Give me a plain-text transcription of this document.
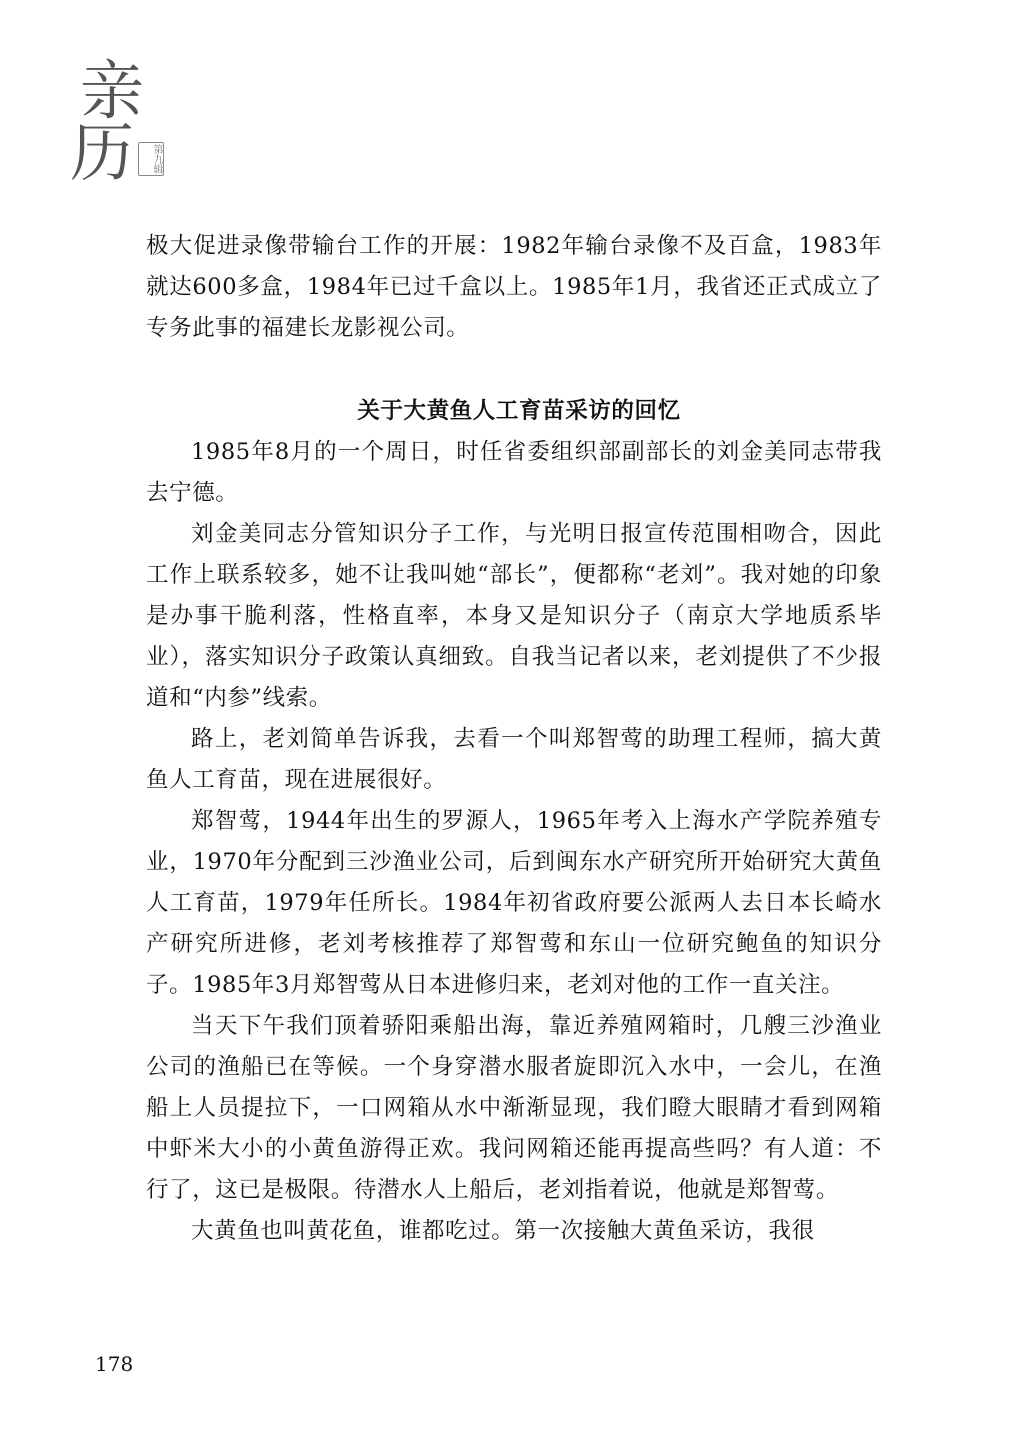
亲
历	第九辑

极大促进录像带输台工作的开展：1982年输台录像不及百盒，1983年就达600多盒，1984年已过千盒以上。1985年1月，我省还正式成立了专务此事的福建长龙影视公司。

关于大黄鱼人工育苗采访的回忆

1985年8月的一个周日，时任省委组织部副部长的刘金美同志带我去宁德。

刘金美同志分管知识分子工作，与光明日报宣传范围相吻合，因此工作上联系较多，她不让我叫她“部长”，便都称“老刘”。我对她的印象是办事干脆利落，性格直率，本身又是知识分子（南京大学地质系毕业），落实知识分子政策认真细致。自我当记者以来，老刘提供了不少报道和“内参”线索。

路上，老刘简单告诉我，去看一个叫郑智莺的助理工程师，搞大黄鱼人工育苗，现在进展很好。

郑智莺，1944年出生的罗源人，1965年考入上海水产学院养殖专业，1970年分配到三沙渔业公司，后到闽东水产研究所开始研究大黄鱼人工育苗，1979年任所长。1984年初省政府要公派两人去日本长崎水产研究所进修，老刘考核推荐了郑智莺和东山一位研究鲍鱼的知识分子。1985年3月郑智莺从日本进修归来，老刘对他的工作一直关注。

当天下午我们顶着骄阳乘船出海，靠近养殖网箱时，几艘三沙渔业公司的渔船已在等候。一个身穿潜水服者旋即沉入水中，一会儿，在渔船上人员提拉下，一口网箱从水中渐渐显现，我们瞪大眼睛才看到网箱中虾米大小的小黄鱼游得正欢。我问网箱还能再提高些吗？有人道：不行了，这已是极限。待潜水人上船后，老刘指着说，他就是郑智莺。

大黄鱼也叫黄花鱼，谁都吃过。第一次接触大黄鱼采访，我很

178
